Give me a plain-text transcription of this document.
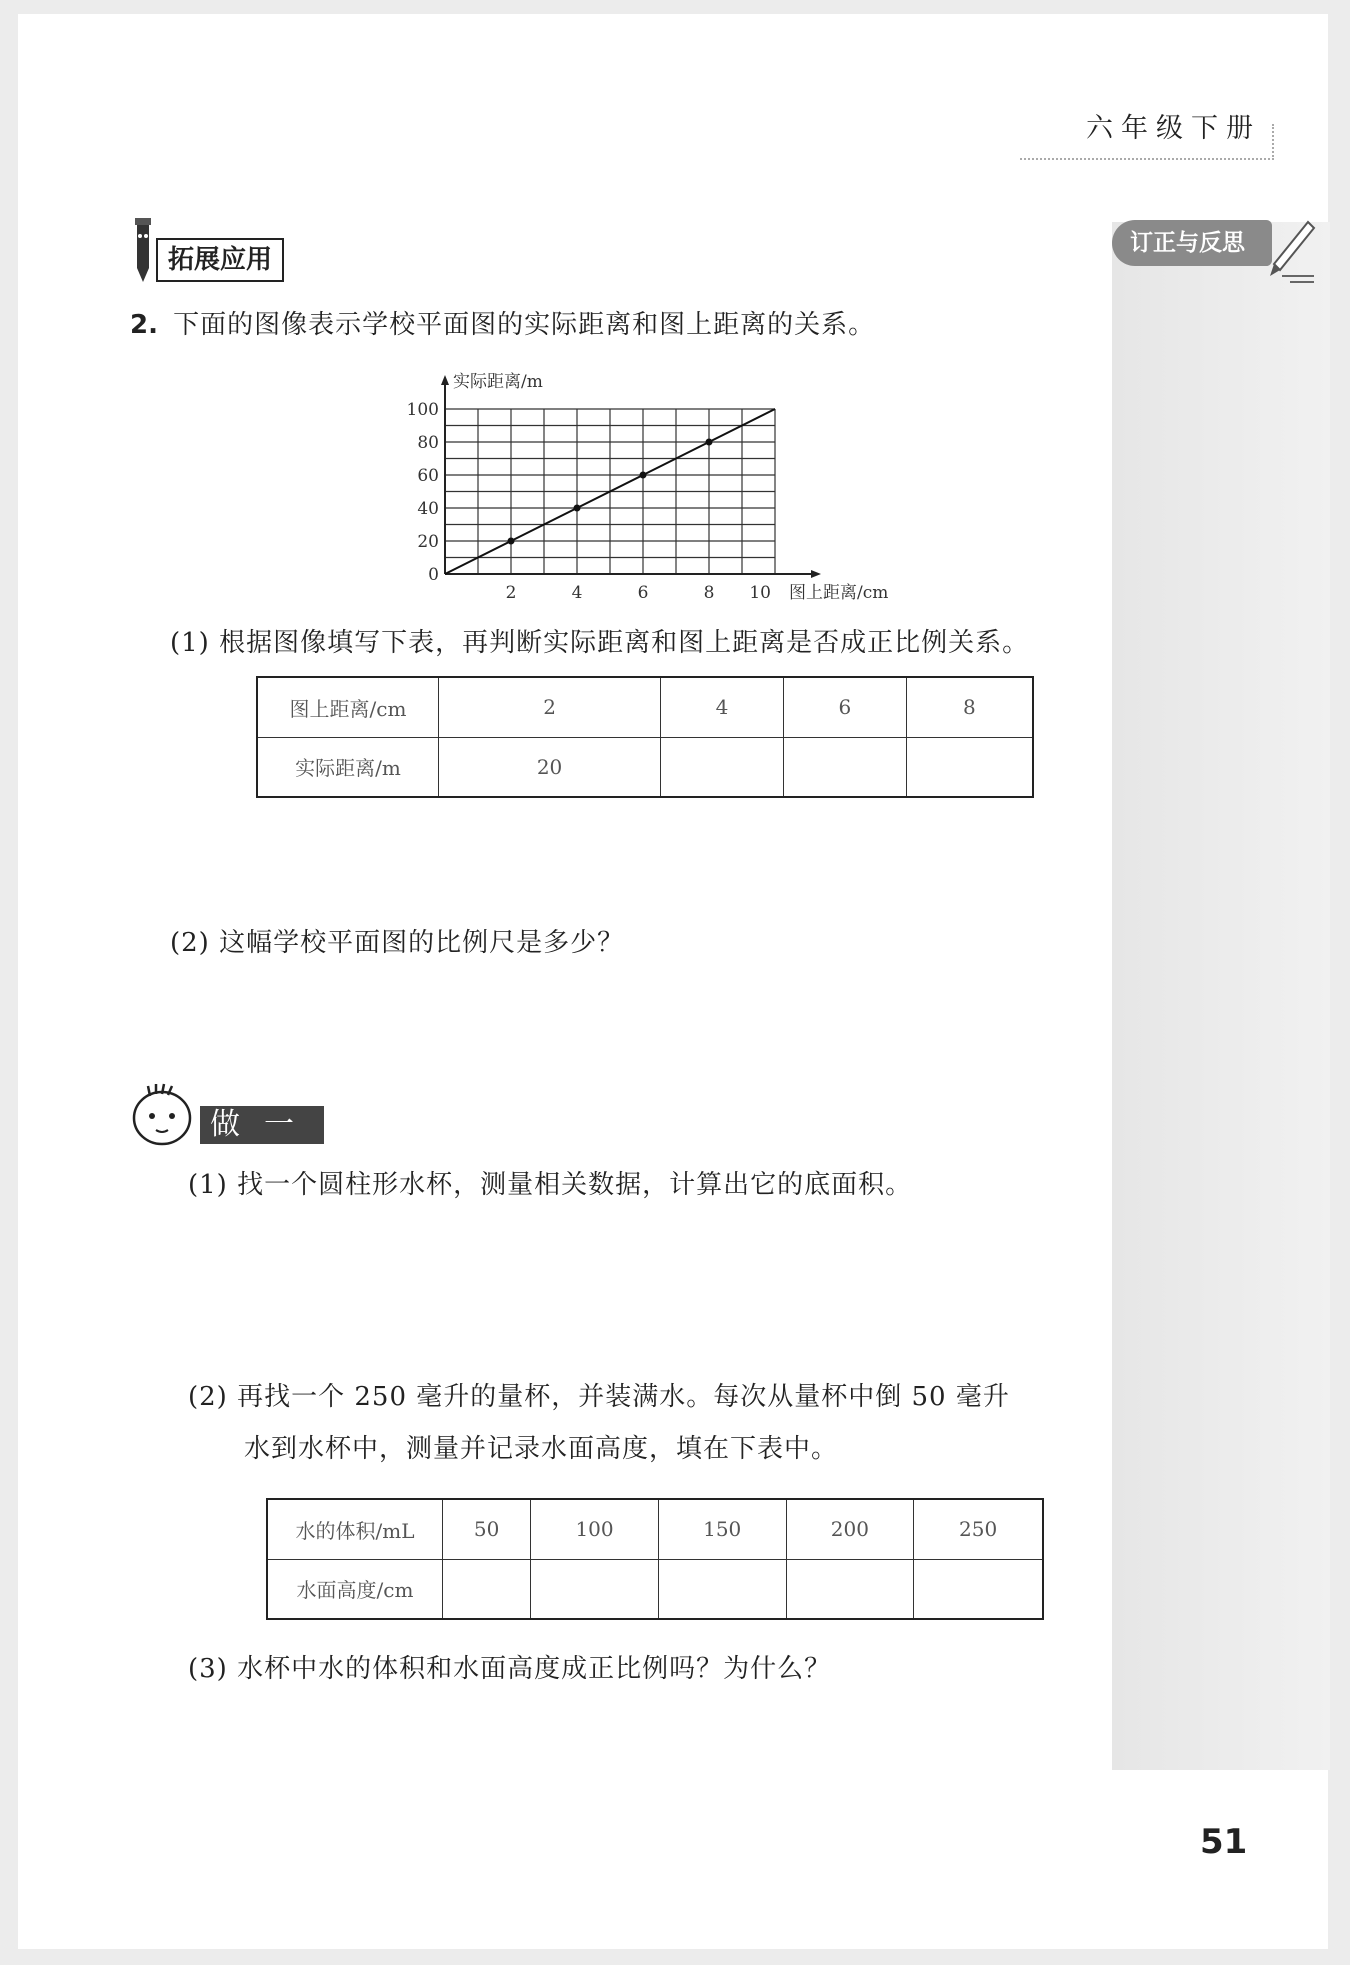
六年级下册
订正与反思
拓展应用
2. 下面的图像表示学校平面图的实际距离和图上距离的关系。
实际距离/m
图上距离/cm
0
20
40
60
80
100
2	4	6	8 10
(1) 根据图像填写下表，再判断实际距离和图上距离是否成正比例关系。
图上距离/cm	2	4	6	8
实际距离/m	20			
(2) 这幅学校平面图的比例尺是多少？
做一做
(1) 找一个圆柱形水杯，测量相关数据，计算出它的底面积。
(2) 再找一个 250 毫升的量杯，并装满水。每次从量杯中倒 50 毫升
水到水杯中，测量并记录水面高度，填在下表中。
水的体积/mL	50	100	150	200	250
水面高度/cm					
(3) 水杯中水的体积和水面高度成正比例吗？为什么？
51
